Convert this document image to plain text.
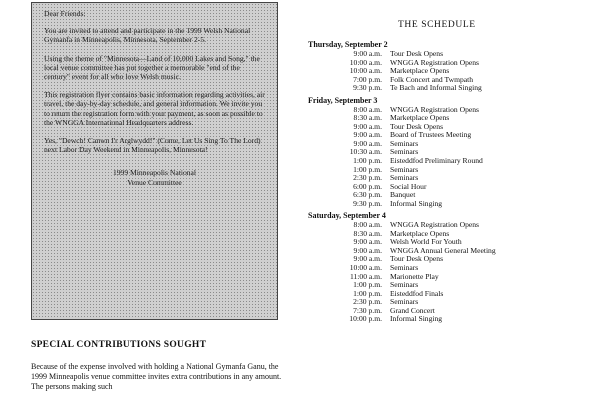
Dear Friends:

You are invited to attend and participate in the 1999 Welsh National Gymanfa in Minneapolis, Minnesota, September 2-5.

Using the theme of "Minnesota—Land of 10,000 Lakes and Song," the local venue committee has put together a memorable "end of the century" event for all who love Welsh music.

This registration flyer contains basic information regarding activities, air travel, the day-by-day schedule, and general information. We invite you to return the registration form with your payment, as soon as possible to the WNGGA International Headquarters address.

Yes, "Dewch! Canwn I'r Arglwydd!" (Come, Let Us Sing To The Lord) next Labor Day Weekend in Minneapolis, Minnesota!

1999 Minneapolis National
Venue Committee
SPECIAL CONTRIBUTIONS SOUGHT

Because of the expense involved with holding a National Gymanfa Ganu, the 1999 Minneapolis venue committee invites extra contributions in any amount. The persons making such

THE SCHEDULE
Thursday, September 2
9:00 a.m.	Tour Desk Opens
10:00 a.m.	WNGGA Registration Opens
10:00 a.m.	Marketplace Opens
7:00 p.m.	Folk Concert and Twmpath
9:30 p.m.	Te Bach and Informal Singing
Friday, September 3
8:00 a.m.	WNGGA Registration Opens
8:30 a.m.	Marketplace Opens
9:00 a.m.	Tour Desk Opens
9:00 a.m.	Board of Trustees Meeting
9:00 a.m.	Seminars
10:30 a.m.	Seminars
1:00 p.m.	Eisteddfod Preliminary Round
1:00 p.m.	Seminars
2:30 p.m.	Seminars
6:00 p.m.	Social Hour
6:30 p.m.	Banquet
9:30 p.m.	Informal Singing
Saturday, September 4
8:00 a.m.	WNGGA Registration Opens
8:30 a.m.	Marketplace Opens
9:00 a.m.	Welsh World For Youth
9:00 a.m.	WNGGA Annual General Meeting
9:00 a.m.	Tour Desk Opens
10:00 a.m.	Seminars
11:00 a.m.	Marionette Play
1:00 p.m.	Seminars
1:00 p.m.	Eisteddfod Finals
2:30 p.m.	Seminars
7:30 p.m.	Grand Concert
10:00 p.m.	Informal Singing
